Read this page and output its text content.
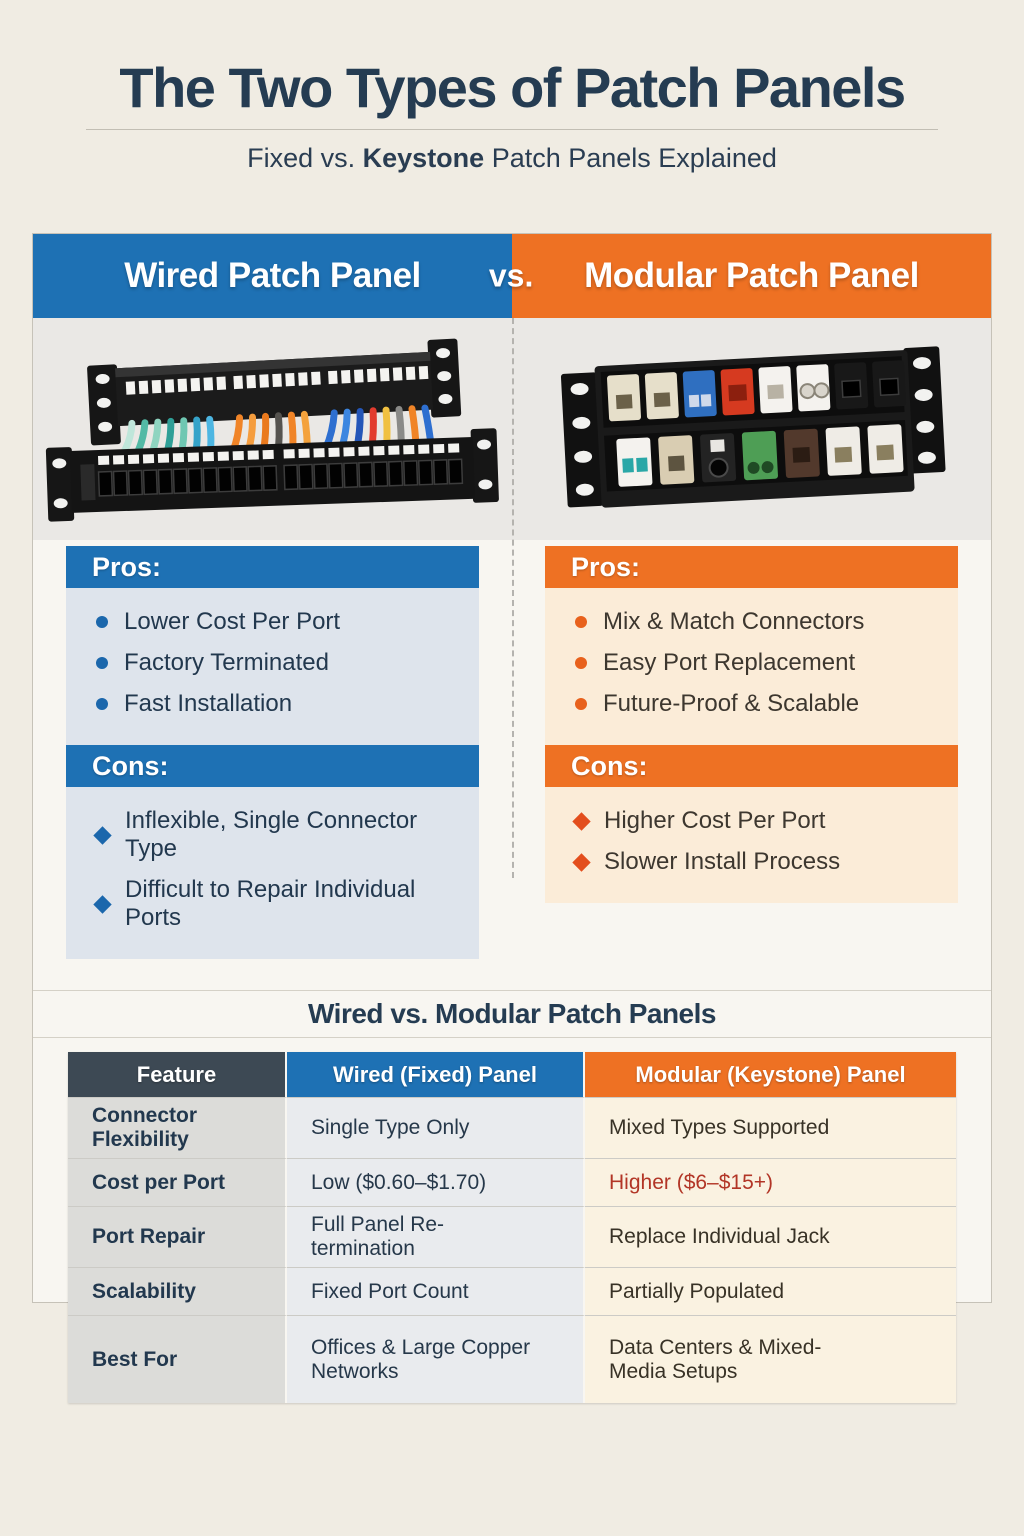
The Two Types of Patch Panels

Fixed vs. Keystone Patch Panels Explained

Wired Patch Panel	Modular Patch Panel
vs.
Pros:
Lower Cost Per Port
Factory Terminated
Fast Installation
Cons:
Inflexible, Single Connector Type
Difficult to Repair Individual Ports
Pros:
Mix & Match Connectors
Easy Port Replacement
Future-Proof & Scalable
Cons:
Higher Cost Per Port
Slower Install Process
Wired vs. Modular Patch Panels
Feature	Wired (Fixed) Panel	Modular (Keystone) Panel

Connector Flexibility	Single Type Only	Mixed Types Supported

Cost per Port	Low ($0.60–$1.70)	Higher ($6–$15+)

Port Repair	Full Panel Re-termination	Replace Individual Jack

Scalability	Fixed Port Count	Partially Populated

Best For	Offices & Large Copper Networks	Data Centers & Mixed-Media Setups
